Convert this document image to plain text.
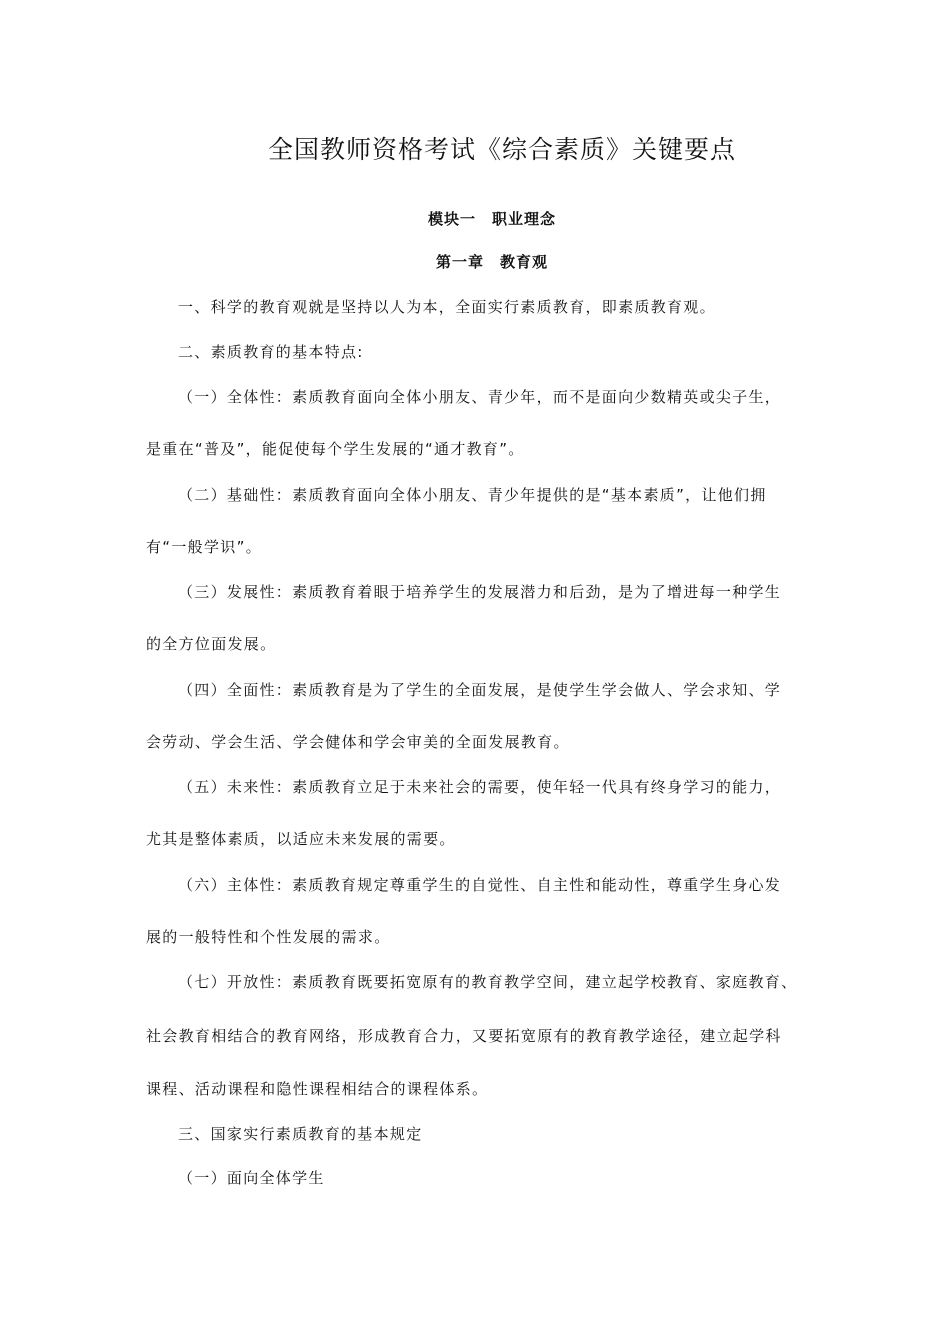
全国教师资格考试《综合素质》关键要点
模块一　职业理念
第一章　教育观
一、科学的教育观就是坚持以人为本，全面实行素质教育，即素质教育观。
二、素质教育的基本特点:
（一）全体性：素质教育面向全体小朋友、青少年，而不是面向少数精英或尖子生，
是重在“普及”，能促使每个学生发展的“通才教育”。
（二）基础性：素质教育面向全体小朋友、青少年提供的是“基本素质”，让他们拥
有“一般学识”。
（三）发展性：素质教育着眼于培养学生的发展潜力和后劲，是为了增进每一种学生
的全方位面发展。
（四）全面性：素质教育是为了学生的全面发展，是使学生学会做人、学会求知、学
会劳动、学会生活、学会健体和学会审美的全面发展教育。
（五）未来性：素质教育立足于未来社会的需要，使年轻一代具有终身学习的能力，
尤其是整体素质，以适应未来发展的需要。
（六）主体性：素质教育规定尊重学生的自觉性、自主性和能动性，尊重学生身心发
展的一般特性和个性发展的需求。
（七）开放性：素质教育既要拓宽原有的教育教学空间，建立起学校教育、家庭教育、
社会教育相结合的教育网络，形成教育合力，又要拓宽原有的教育教学途径，建立起学科
课程、活动课程和隐性课程相结合的课程体系。
三、国家实行素质教育的基本规定
（一）面向全体学生
